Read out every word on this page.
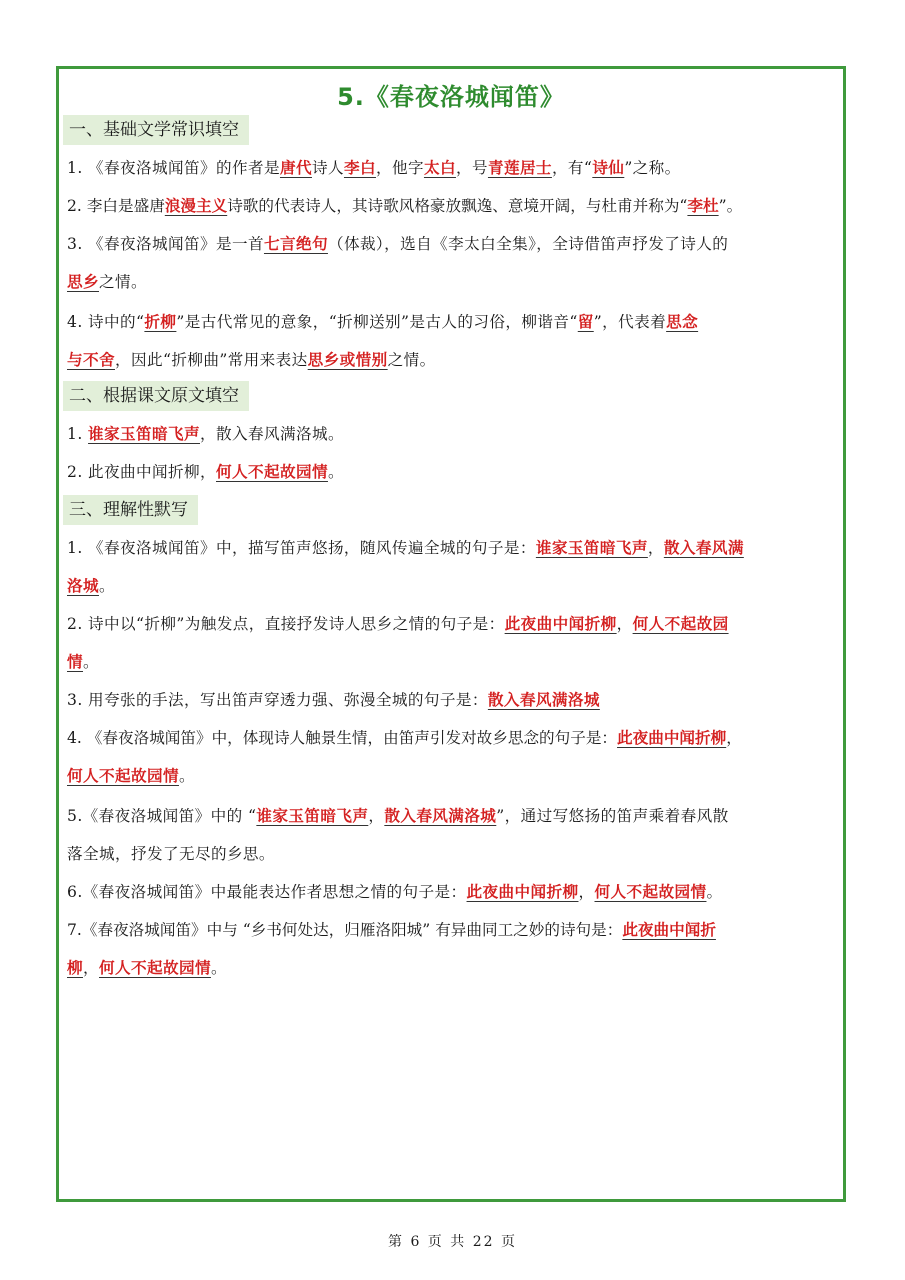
5.《春夜洛城闻笛》
一、基础文学常识填空
1. 《春夜洛城闻笛》的作者是唐代诗人李白，他字太白，号青莲居士，有“诗仙”之称。
2. 李白是盛唐浪漫主义诗歌的代表诗人，其诗歌风格豪放飘逸、意境开阔，与杜甫并称为“李杜”。
3. 《春夜洛城闻笛》是一首七言绝句（体裁），选自《李太白全集》，全诗借笛声抒发了诗人的
思乡之情。
4. 诗中的“折柳”是古代常见的意象，“折柳送别”是古人的习俗，柳谐音“留”，代表着思念
与不舍，因此“折柳曲”常用来表达思乡或惜别之情。
二、根据课文原文填空
1. 谁家玉笛暗飞声，散入春风满洛城。
2. 此夜曲中闻折柳，何人不起故园情。
三、理解性默写
1. 《春夜洛城闻笛》中，描写笛声悠扬，随风传遍全城的句子是：谁家玉笛暗飞声，散入春风满
洛城。
2. 诗中以“折柳”为触发点，直接抒发诗人思乡之情的句子是：此夜曲中闻折柳，何人不起故园
情。
3. 用夸张的手法，写出笛声穿透力强、弥漫全城的句子是：散入春风满洛城
4. 《春夜洛城闻笛》中，体现诗人触景生情，由笛声引发对故乡思念的句子是：此夜曲中闻折柳，
何人不起故园情。
5.《春夜洛城闻笛》中的 “谁家玉笛暗飞声，散入春风满洛城”，通过写悠扬的笛声乘着春风散
落全城，抒发了无尽的乡思。
6.《春夜洛城闻笛》中最能表达作者思想之情的句子是：此夜曲中闻折柳，何人不起故园情。
7.《春夜洛城闻笛》中与 “乡书何处达，归雁洛阳城” 有异曲同工之妙的诗句是：此夜曲中闻折
柳，何人不起故园情。
第 6 页 共 22 页
